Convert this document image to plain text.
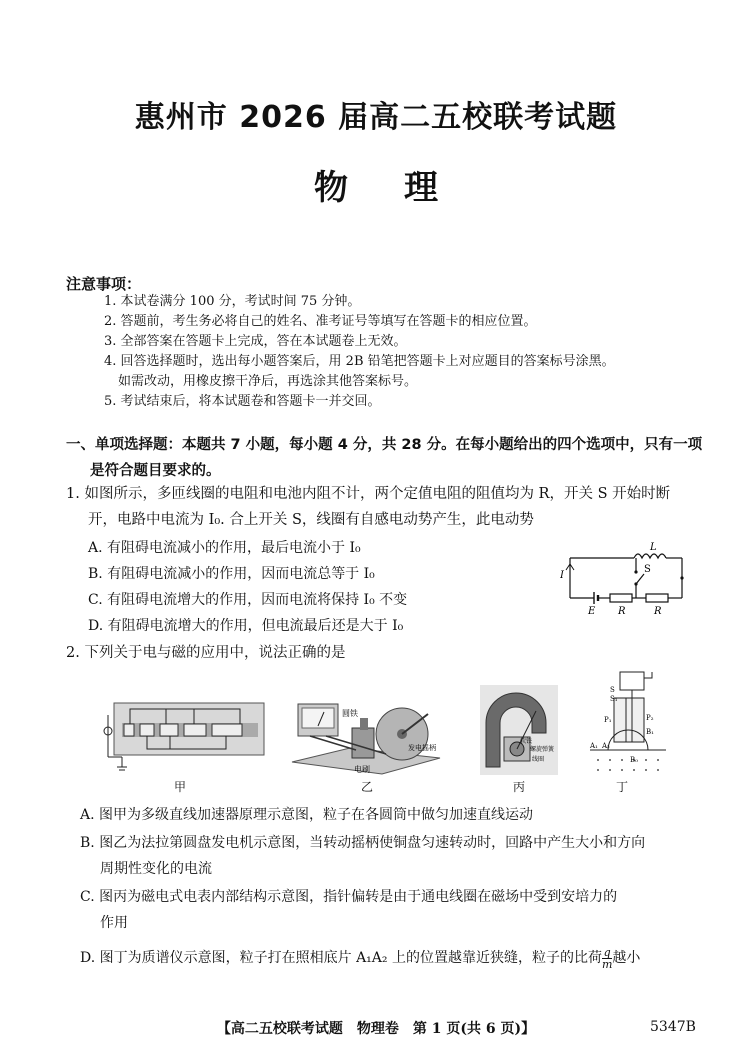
惠州市 2026 届高二五校联考试题
物 理
注意事项：
1. 本试卷满分 100 分，考试时间 75 分钟。
2. 答题前，考生务必将自己的姓名、准考证号等填写在答题卡的相应位置。
3. 全部答案在答题卡上完成，答在本试题卷上无效。
4. 回答选择题时，选出每小题答案后，用 2B 铅笔把答题卡上对应题目的答案标号涂黑。
如需改动，用橡皮擦干净后，再选涂其他答案标号。
5. 考试结束后，将本试题卷和答题卡一并交回。
一、单项选择题：本题共 7 小题，每小题 4 分，共 28 分。在每小题给出的四个选项中，只有一项
是符合题目要求的。
1. 如图所示，多匝线圈的电阻和电池内阻不计，两个定值电阻的阻值均为 R，开关 S 开始时断
开，电路中电流为 I₀. 合上开关 S，线圈有自感电动势产生，此电动势
A. 有阻碍电流减小的作用，最后电流小于 I₀
B. 有阻碍电流减小的作用，因而电流总等于 I₀
C. 有阻碍电流增大的作用，因而电流将保持 I₀ 不变
D. 有阻碍电流增大的作用，但电流最后还是大于 I₀
L
I
S
E R	R
2. 下列关于电与磁的应用中，说法正确的是
甲
圆铁
电刷
发电摇柄
乙
软铁
螺旋弹簧
线圈
丙
S
S₁
P₁	P₂
B₁
B₀
A₁ A₂
丁
A. 图甲为多级直线加速器原理示意图，粒子在各圆筒中做匀加速直线运动
B. 图乙为法拉第圆盘发电机示意图，当转动摇柄使铜盘匀速转动时，回路中产生大小和方向
周期性变化的电流
C. 图丙为磁电式电表内部结构示意图，指针偏转是由于通电线圈在磁场中受到安培力的
作用
D. 图丁为质谱仪示意图，粒子打在照相底片 A₁A₂ 上的位置越靠近狭缝，粒子的比荷 $\frac{q}{m}$ 越小
【高二五校联考试题　物理卷　第 1 页(共 6 页)】	5347B
